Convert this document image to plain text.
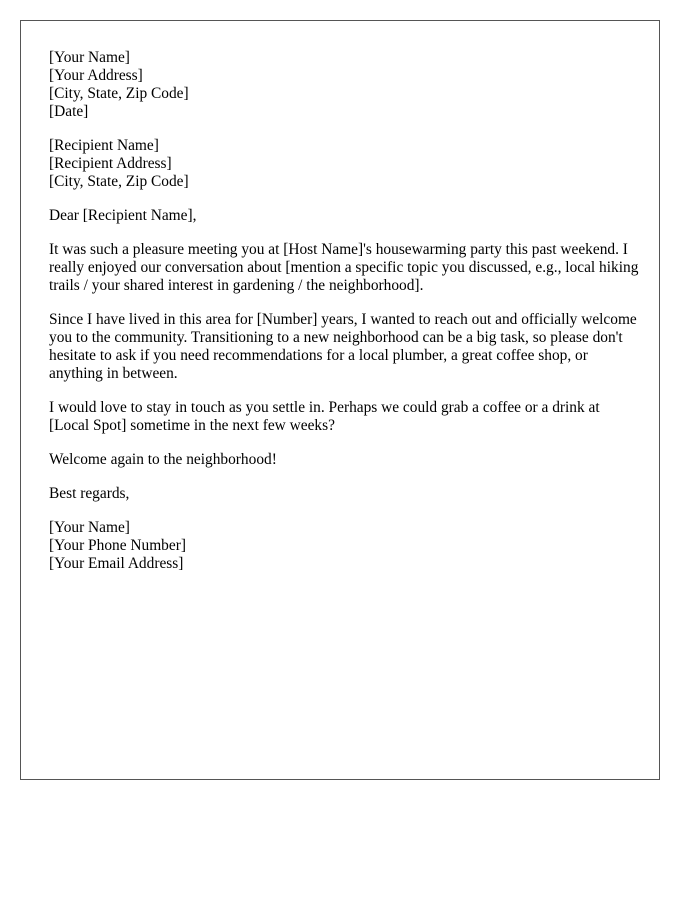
[Your Name]
[Your Address]
[City, State, Zip Code]
[Date]
[Recipient Name]
[Recipient Address]
[City, State, Zip Code]

Dear [Recipient Name],

It was such a pleasure meeting you at [Host Name]'s housewarming party this past weekend. I really enjoyed our conversation about [mention a specific topic you discussed, e.g., local hiking trails / your shared interest in gardening / the neighborhood].

Since I have lived in this area for [Number] years, I wanted to reach out and officially welcome you to the community. Transitioning to a new neighborhood can be a big task, so please don't hesitate to ask if you need recommendations for a local plumber, a great coffee shop, or anything in between.

I would love to stay in touch as you settle in. Perhaps we could grab a coffee or a drink at [Local Spot] sometime in the next few weeks?

Welcome again to the neighborhood!

Best regards,

[Your Name]
[Your Phone Number]
[Your Email Address]
